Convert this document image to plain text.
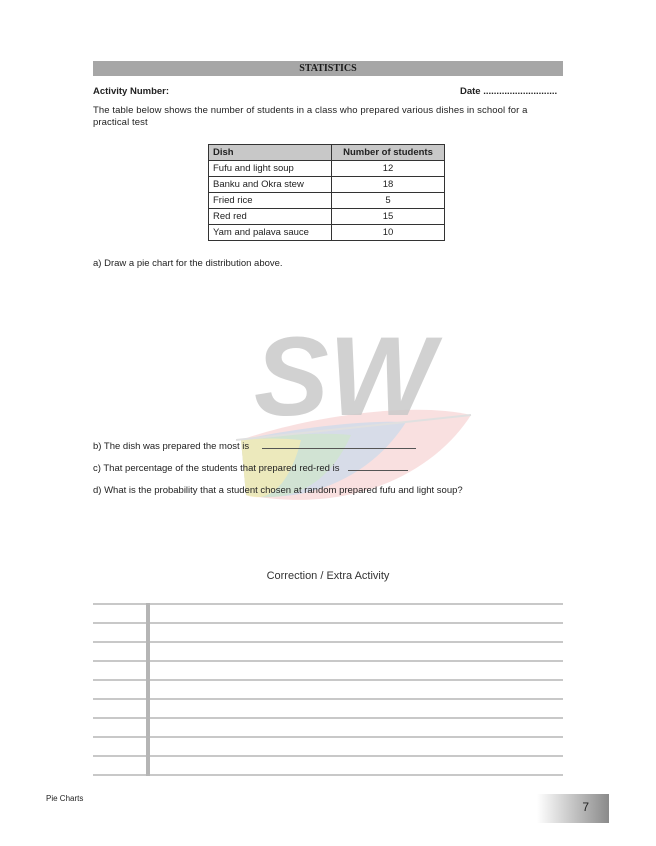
STATISTICS
Activity Number:	Date ............................
The table below shows the number of students in a class who prepared various dishes in school for a practical test
Dish	Number of students
Fufu and light soup	12
Banku and Okra stew	18
Fried rice	5
Red red	15
Yam and palava sauce	10
a) Draw a pie chart for the distribution above.
SW
b) The dish was prepared the most is
c) That percentage of the students that prepared red-red is
d) What is the probability that a student chosen at random prepared fufu and light soup?
Correction / Extra Activity
Pie Charts
7
